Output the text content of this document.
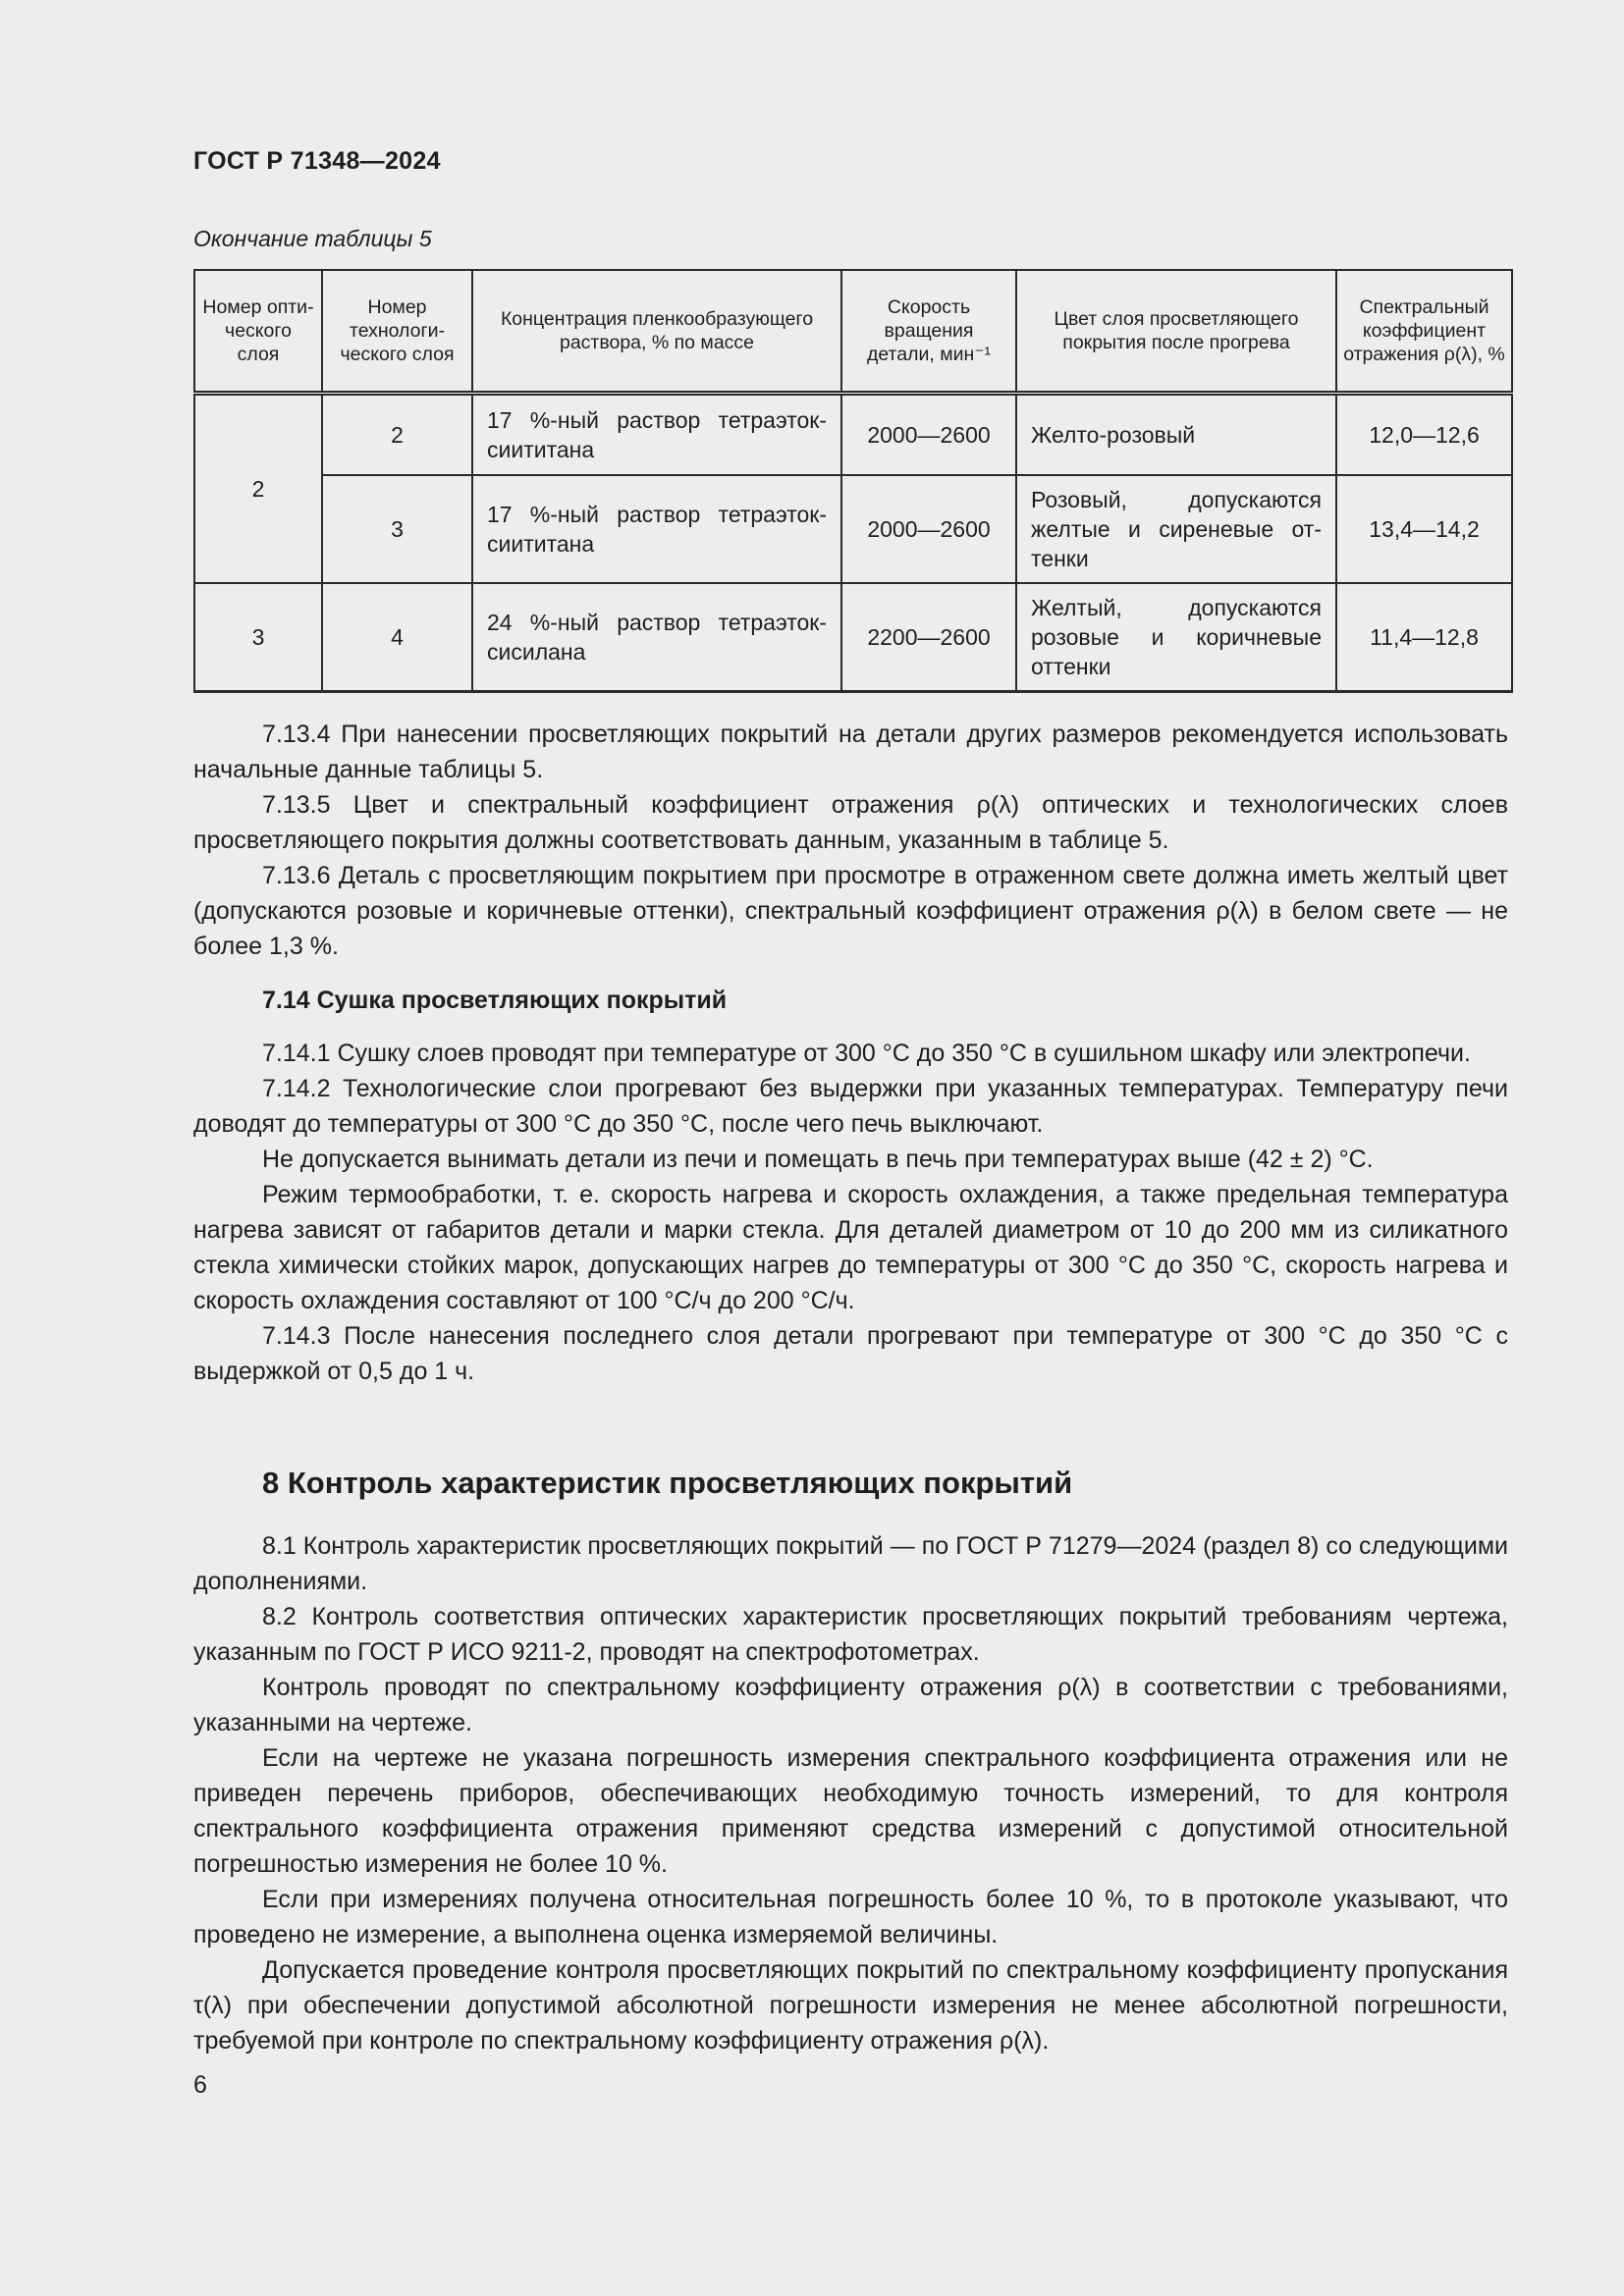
ГОСТ Р 71348—2024
Окончание таблицы 5
Номер опти-ческого слоя	Номер технологи-ческого слоя	Концентрация пленкообразующего раствора, % по массе	Скорость вращения детали, мин⁻¹	Цвет слоя просветляющего покрытия после прогрева	Спектральный коэффициент отражения ρ(λ), %
2	2	17 %-ный раствор тетраэток-сиититана	2000—2600	Желто-розовый	12,0—12,6
	3	17 %-ный раствор тетраэток-сиититана	2000—2600	Розовый, допускаются желтые и сиреневые от-тенки	13,4—14,2
3	4	24 %-ный раствор тетраэток-сисилана	2200—2600	Желтый, допускаются розовые и коричневые оттенки	11,4—12,8

7.13.4 При нанесении просветляющих покрытий на детали других размеров рекомендуется использовать начальные данные таблицы 5.

7.13.5 Цвет и спектральный коэффициент отражения ρ(λ) оптических и технологических слоев просветляющего покрытия должны соответствовать данным, указанным в таблице 5.

7.13.6 Деталь с просветляющим покрытием при просмотре в отраженном свете должна иметь желтый цвет (допускаются розовые и коричневые оттенки), спектральный коэффициент отражения ρ(λ) в белом свете — не более 1,3 %.

7.14 Сушка просветляющих покрытий

7.14.1 Сушку слоев проводят при температуре от 300 °С до 350 °С в сушильном шкафу или электропечи.

7.14.2 Технологические слои прогревают без выдержки при указанных температурах. Температуру печи доводят до температуры от 300 °С до 350 °С, после чего печь выключают.

Не допускается вынимать детали из печи и помещать в печь при температурах выше (42 ± 2) °С.

Режим термообработки, т. е. скорость нагрева и скорость охлаждения, а также предельная температура нагрева зависят от габаритов детали и марки стекла. Для деталей диаметром от 10 до 200 мм из силикатного стекла химически стойких марок, допускающих нагрев до температуры от 300 °С до 350 °С, скорость нагрева и скорость охлаждения составляют от 100 °С/ч до 200 °С/ч.

7.14.3 После нанесения последнего слоя детали прогревают при температуре от 300 °С до 350 °С с выдержкой от 0,5 до 1 ч.

8 Контроль характеристик просветляющих покрытий

8.1 Контроль характеристик просветляющих покрытий — по ГОСТ Р 71279—2024 (раздел 8) со следующими дополнениями.

8.2 Контроль соответствия оптических характеристик просветляющих покрытий требованиям чертежа, указанным по ГОСТ Р ИСО 9211-2, проводят на спектрофотометрах.

Контроль проводят по спектральному коэффициенту отражения ρ(λ) в соответствии с требованиями, указанными на чертеже.

Если на чертеже не указана погрешность измерения спектрального коэффициента отражения или не приведен перечень приборов, обеспечивающих необходимую точность измерений, то для контроля спектрального коэффициента отражения применяют средства измерений с допустимой относительной погрешностью измерения не более 10 %.

Если при измерениях получена относительная погрешность более 10 %, то в протоколе указывают, что проведено не измерение, а выполнена оценка измеряемой величины.

Допускается проведение контроля просветляющих покрытий по спектральному коэффициенту пропускания τ(λ) при обеспечении допустимой абсолютной погрешности измерения не менее абсолютной погрешности, требуемой при контроле по спектральному коэффициенту отражения ρ(λ).

6
